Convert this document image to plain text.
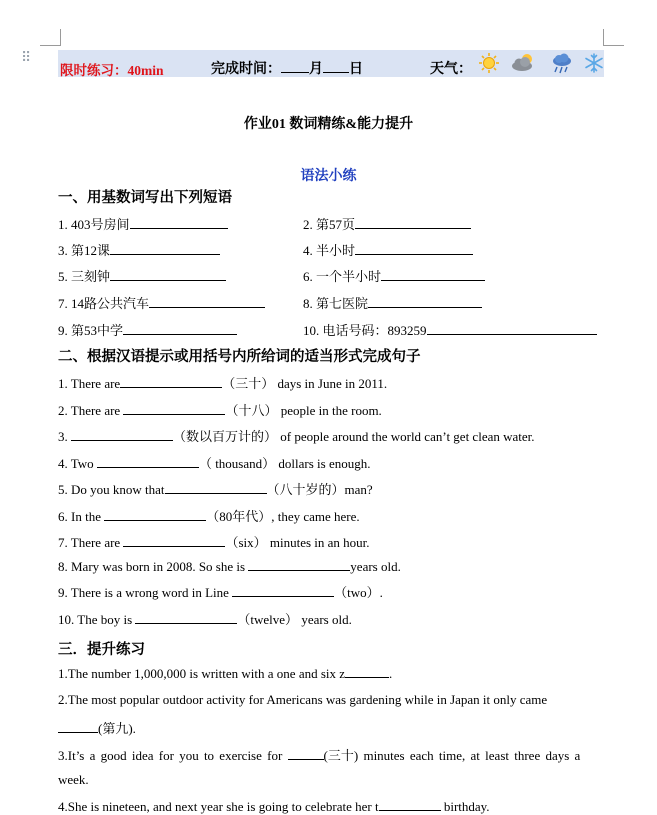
⠿
限时练习：40min	完成时间： 月 日	天气：
作业01 数词精练&能力提升
语法小练
一、用基数词写出下列短语
1. 403号房间	2. 第57页
3. 第12课	4. 半小时
5. 三刻钟	6. 一个半小时
7. 14路公共汽车	8. 第七医院
9. 第53中学	10. 电话号码：893259
二、根据汉语提示或用括号内所给词的适当形式完成句子
1. There are	（三十） days in June in 2011.
2. There are	（十八） people in the room.
3.	（数以百万计的） of people around the world can’t get clean water.
4. Two	（ thousand） dollars is enough.
5. Do you know that	（八十岁的）man?
6. In the	（80年代）, they came here.
7. There are	（six） minutes in an hour.
8. Mary was born in 2008. So she is	years old.
9. There is a wrong word in Line	（two）.
10. The boy is	（twelve） years old.
三．提升练习
1.The number 1,000,000 is written with a one and six z	.
2.The most popular outdoor activity for Americans was gardening while in Japan it only came
(第九).
3.It’s a good idea for you to exercise for	(三十) minutes each time, at least three days a
week.
4.She is nineteen, and next year she is going to celebrate her t	birthday.
